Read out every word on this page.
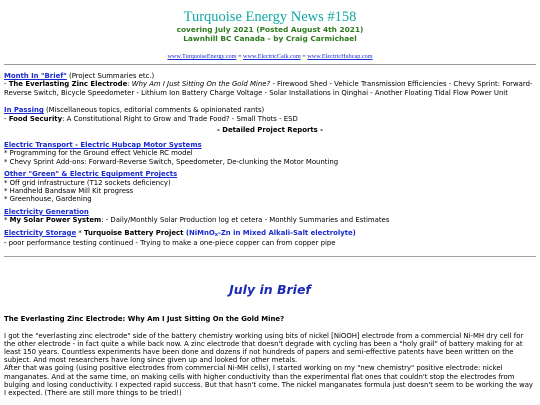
Turquoise Energy News #158
covering July 2021 (Posted August 4th 2021)
Lawnhill BC Canada - by Craig Carmichael
www.TurquoiseEnergy.com = www.ElectricCaik.com = www.ElectricHubcap.com
Month In "Brief" (Project Summaries etc.)
- The Everlasting Zinc Electrode: Why Am I Just Sitting On the Gold Mine? - Firewood Shed - Vehicle Transmission Efficiencies - Chevy Sprint: Forward-Reverse Switch, Bicycle Speedometer - Lithium Ion Battery Charge Voltage - Solar Installations in Qinghai - Another Floating Tidal Flow Power Unit
In Passing (Miscellaneous topics, editorial comments & opinionated rants)
- Food Security: A Constitutional Right to Grow and Trade Food? - Small Thots - ESD
- Detailed Project Reports -
Electric Transport - Electric Hubcap Motor Systems
* Programming for the Ground effect Vehicle RC model
* Chevy Sprint Add-ons: Forward-Reverse Switch, Speedometer, De-clunking the Motor Mounting
Other "Green" & Electric Equipment Projects
* Off grid infrastructure (T12 sockets deficiency)
* Handheld Bandsaw Mill Kit progress
* Greenhouse, Gardening
Electricity Generation
* My Solar Power System: - Daily/Monthly Solar Production log et cetera - Monthly Summaries and Estimates
Electricity Storage * Turquoise Battery Project (NiMnOx-Zn in Mixed Alkali-Salt electrolyte)
- poor performance testing continued - Trying to make a one-piece copper can from copper pipe
July in Brief
The Everlasting Zinc Electrode: Why Am I Just Sitting On the Gold Mine?

I got the "everlasting zinc electrode" side of the battery chemistry working using bits of nickel [NiOOH] electrode from a commercial Ni-MH dry cell for the other electrode - in fact quite a while back now. A zinc electrode that doesn't degrade with cycling has been a "holy grail" of battery making for at least 150 years. Countless experiments have been done and dozens if not hundreds of papers and semi-effective patents have been written on the subject. And most researchers have long since given up and looked for other metals.

After that was going (using positive electrodes from commercial Ni-MH cells), I started working on my "new chemistry" positive electrode: nickel manganates. And at the same time, on making cells with higher conductivity than the experimental flat ones that couldn't stop the electrodes from bulging and losing conductivity. I expected rapid success. But that hasn't come. The nickel manganates formula just doesn't seem to be working the way I expected. (There are still more things to be tried!)
